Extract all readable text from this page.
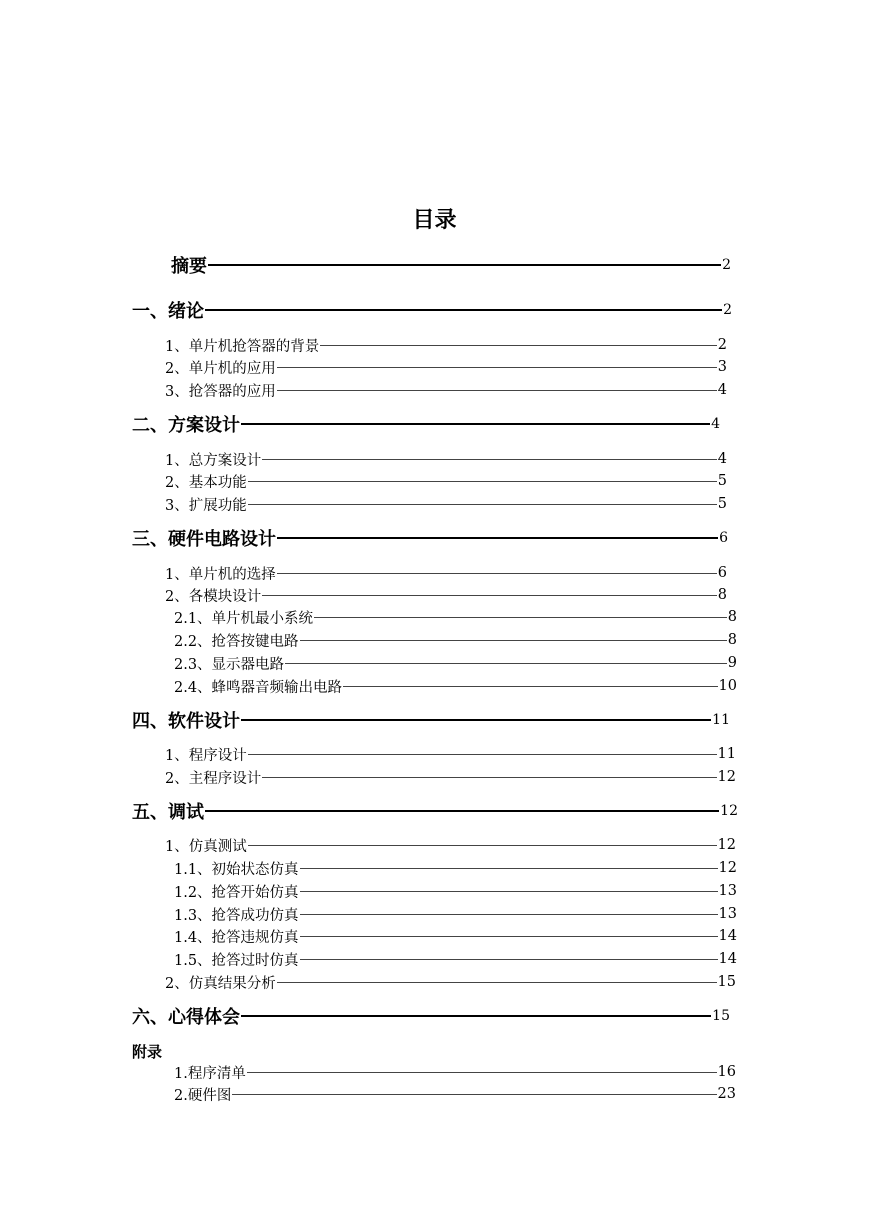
目录
摘要	2
一、绪论	2
1、单片机抢答器的背景	2
2、单片机的应用	3
3、抢答器的应用	4
二、方案设计	4
1、总方案设计	4
2、基本功能	5
3、扩展功能	5
三、硬件电路设计	6
1、单片机的选择	6
2、各模块设计	8
2.1、单片机最小系统	8
2.2、抢答按键电路	8
2.3、显示器电路	9
2.4、蜂鸣器音频输出电路	10
四、软件设计	11
1、程序设计	11
2、主程序设计	12
五、调试	12
1、仿真测试	12
1.1、初始状态仿真	12
1.2、抢答开始仿真	13
1.3、抢答成功仿真	13
1.4、抢答违规仿真	14
1.5、抢答过时仿真	14
2、仿真结果分析	15
六、心得体会	15
附录
1.程序清单	16
2.硬件图	23
